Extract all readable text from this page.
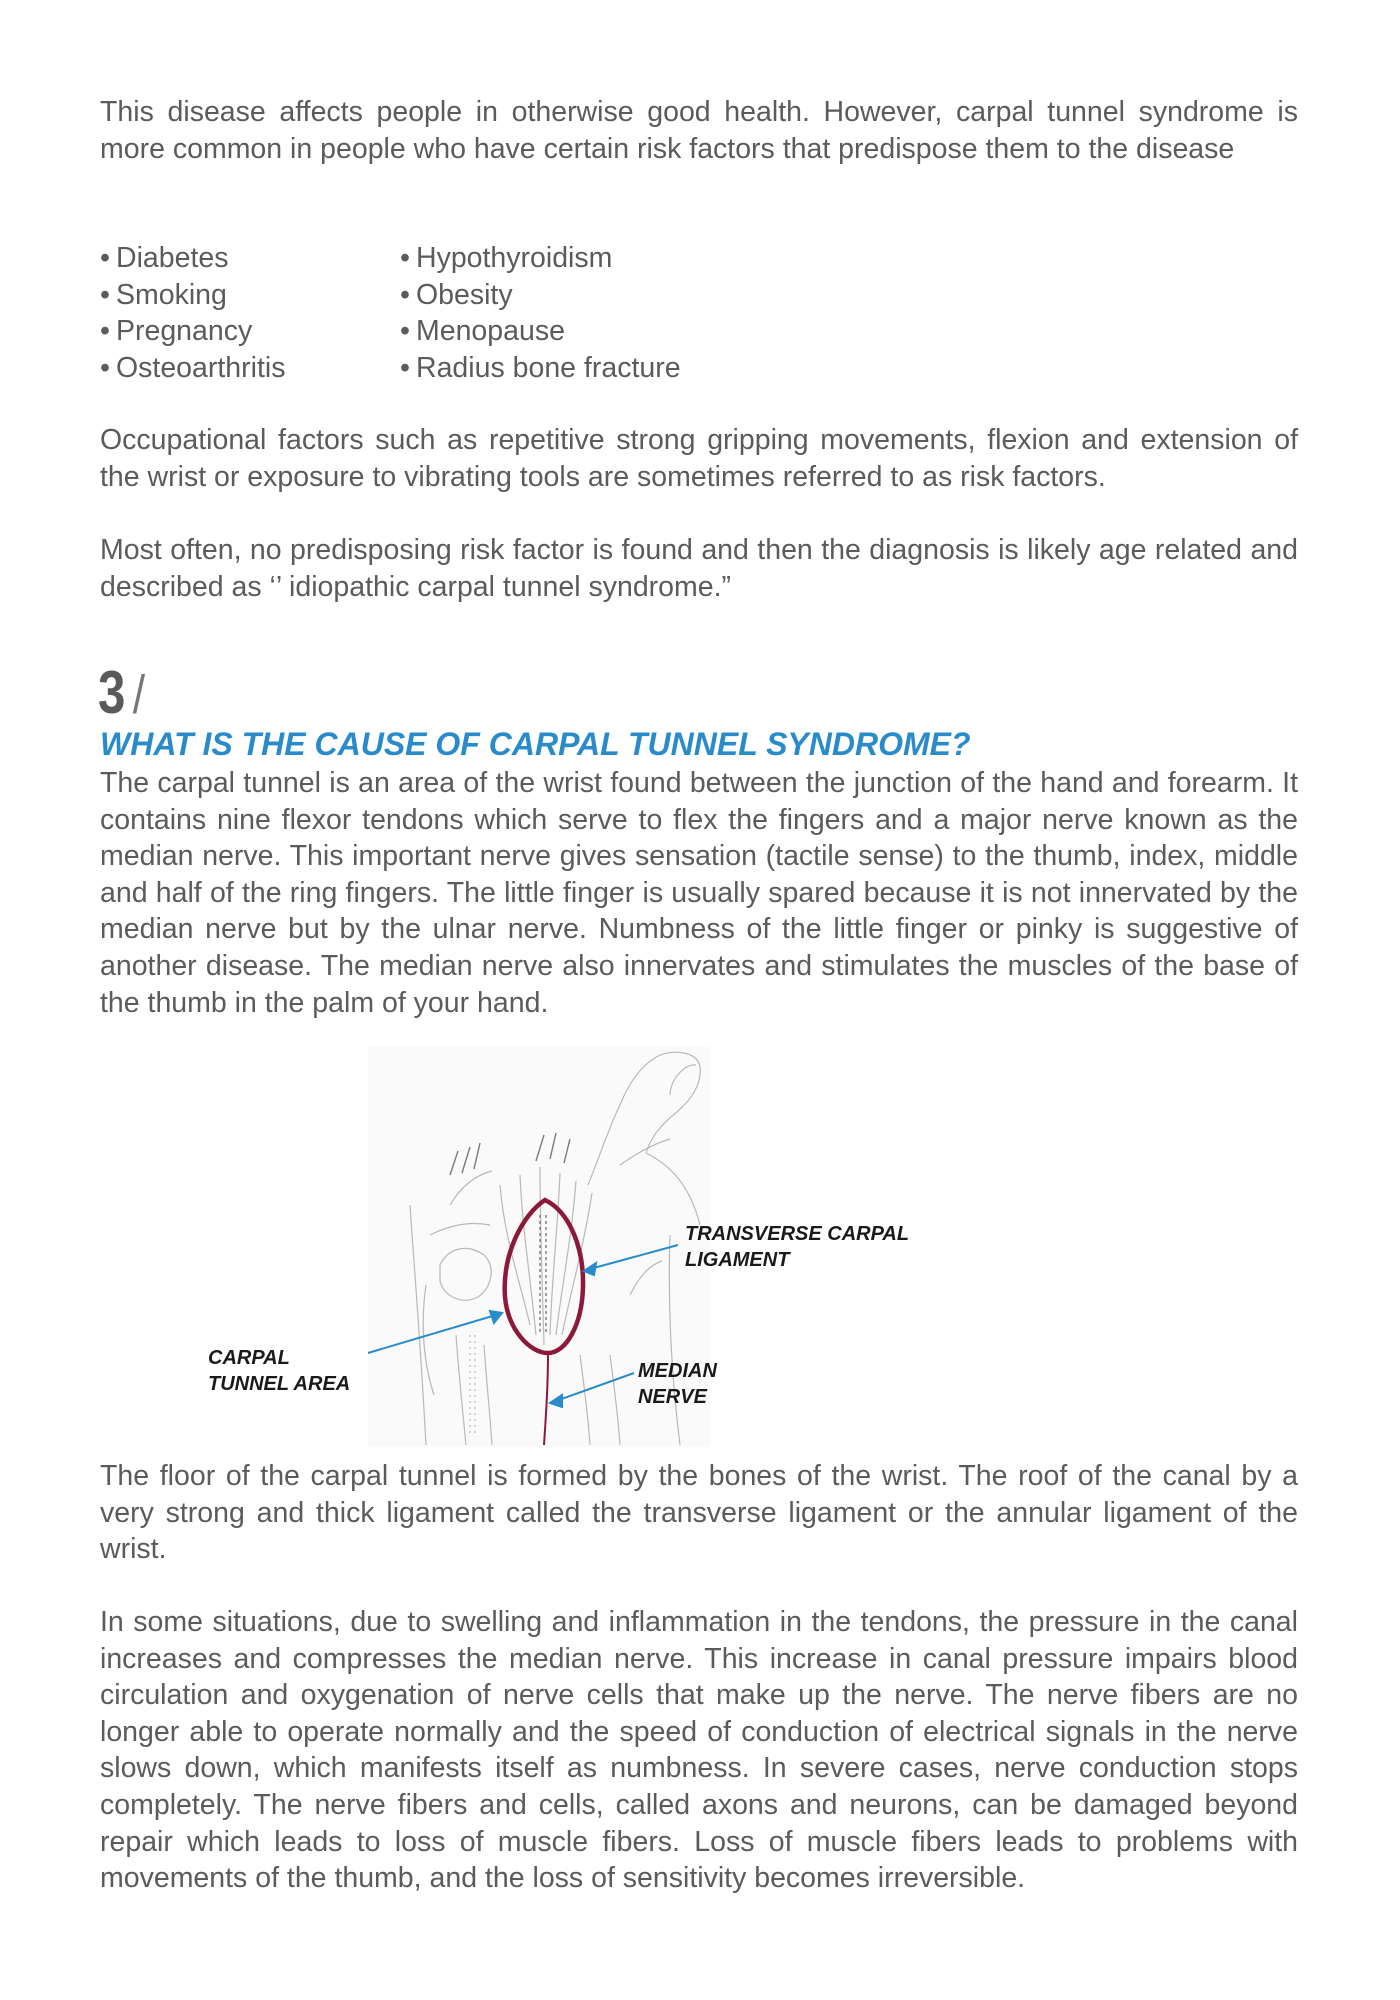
This disease affects people in otherwise good health. However, carpal tunnel syndrome is more common in people who have certain risk factors that predispose them to the disease

• Diabetes
• Smoking
• Pregnancy
• Osteoarthritis
• Hypothyroidism
• Obesity
• Menopause
• Radius bone fracture

Occupational factors such as repetitive strong gripping movements, flexion and extension of the wrist or exposure to vibrating tools are sometimes referred to as risk factors.

Most often, no predisposing risk factor is found and then the diagnosis is likely age related and described as ‘’ idiopathic carpal tunnel syndrome.”

3 /
WHAT IS THE CAUSE OF CARPAL TUNNEL SYNDROME?

The carpal tunnel is an area of the wrist found between the junction of the hand and forearm. It contains nine flexor tendons which serve to flex the fingers and a major nerve known as the median nerve. This important nerve gives sensation (tactile sense) to the thumb, index, middle and half of the ring fingers. The little finger is usually spared because it is not innervated by the median nerve but by the ulnar nerve. Numbness of the little finger or pinky is suggestive of another disease. The median nerve also innervates and stimulates the muscles of the base of the thumb in the palm of your hand.

TRANSVERSE CARPAL
LIGAMENT
CARPAL
TUNNEL AREA
MEDIAN
NERVE

The floor of the carpal tunnel is formed by the bones of the wrist. The roof of the canal by a very strong and thick ligament called the transverse ligament or the annular ligament of the wrist.

In some situations, due to swelling and inflammation in the tendons, the pressure in the canal increases and compresses the median nerve. This increase in canal pressure impairs blood circulation and oxygenation of nerve cells that make up the nerve. The nerve fibers are no longer able to operate normally and the speed of conduction of electrical signals in the nerve slows down, which manifests itself as numbness. In severe cases, nerve conduction stops completely. The nerve fibers and cells, called axons and neurons, can be damaged beyond repair which leads to loss of muscle fibers. Loss of muscle fibers leads to problems with movements of the thumb, and the loss of sensitivity becomes irreversible.
